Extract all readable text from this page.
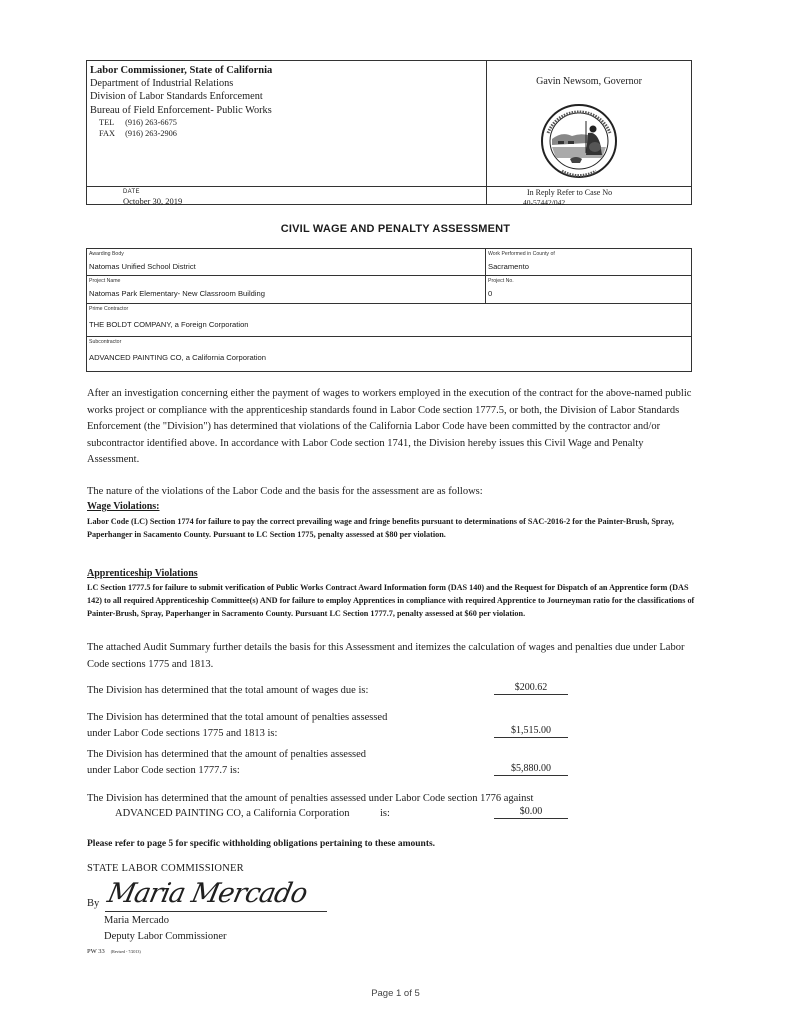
Labor Commissioner, State of California
Department of Industrial Relations
Division of Labor Standards Enforcement
Bureau of Field Enforcement- Public Works
TEL (916) 263-6675
FAX (916) 263-2906
DATE
October 30, 2019
Gavin Newsom, Governor
In Reply Refer to Case No
40-57442/042
CIVIL WAGE AND PENALTY ASSESSMENT
Awarding Body
Natomas Unified School District
Work Performed in County of
Sacramento
Project Name
Natomas Park Elementary- New Classroom Building
Project No.
0
Prime Contractor
THE BOLDT COMPANY, a Foreign Corporation
Subcontractor
ADVANCED PAINTING CO, a California Corporation
After an investigation concerning either the payment of wages to workers employed in the execution of the contract for the above-named public works project or compliance with the apprenticeship standards found in Labor Code section 1777.5, or both, the Division of Labor Standards Enforcement (the "Division") has determined that violations of the California Labor Code have been committed by the contractor and/or subcontractor identified above. In accordance with Labor Code section 1741, the Division hereby issues this Civil Wage and Penalty Assessment.
The nature of the violations of the Labor Code and the basis for the assessment are as follows:
Wage Violations:
Labor Code (LC) Section 1774 for failure to pay the correct prevailing wage and fringe benefits pursuant to determinations of SAC-2016-2 for the Painter-Brush, Spray, Paperhanger in Sacamento County. Pursuant to LC Section 1775, penalty assessed at $80 per violation.
Apprenticeship Violations
LC Section 1777.5 for failure to submit verification of Public Works Contract Award Information form (DAS 140) and the Request for Dispatch of an Apprentice form (DAS 142) to all required Apprenticeship Committee(s) AND for failure to employ Apprentices in compliance with required Apprentice to Journeyman ratio for the classifications of Painter-Brush, Spray, Paperhanger in Sacramento County. Pursuant LC Section 1777.7, penalty assessed at $60 per violation.
The attached Audit Summary further details the basis for this Assessment and itemizes the calculation of wages and penalties due under Labor Code sections 1775 and 1813.
The Division has determined that the total amount of wages due is:	$200.62
The Division has determined that the total amount of penalties assessed
under Labor Code sections 1775 and 1813 is:	$1,515.00
The Division has determined that the amount of penalties assessed
under Labor Code section 1777.7 is:	$5,880.00
The Division has determined that the amount of penalties assessed under Labor Code section 1776 against
ADVANCED PAINTING CO, a California Corporation	is:	$0.00
Please refer to page 5 for specific withholding obligations pertaining to these amounts.
STATE LABOR COMMISSIONER
By Maria Mercado
Maria Mercado
Deputy Labor Commissioner
PW 33 (Revised - 7/2013)
Page 1 of 5
